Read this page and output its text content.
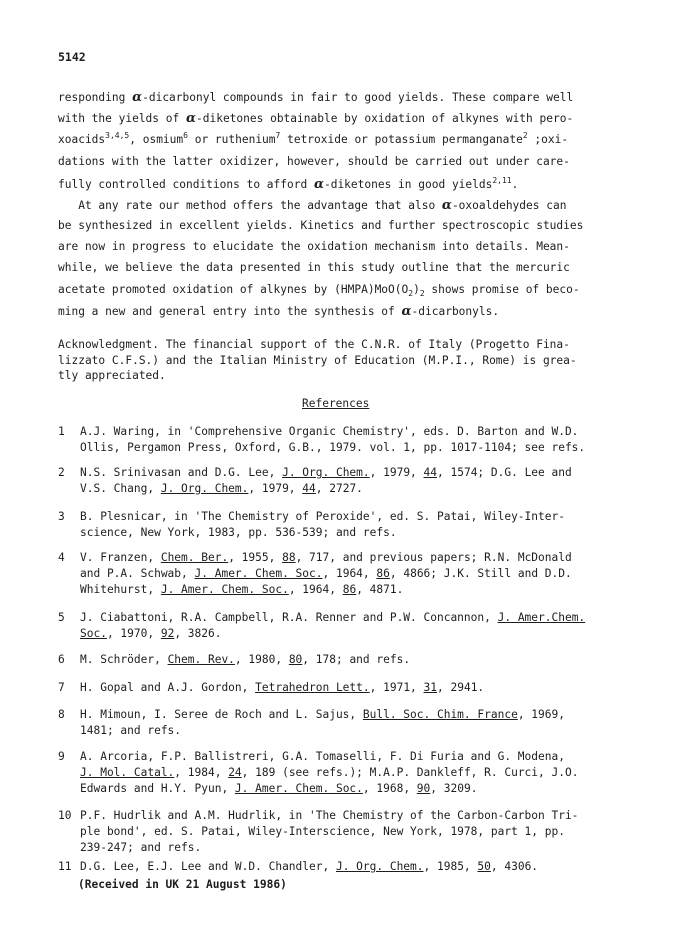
5142
responding α-dicarbonyl compounds in fair to good yields. These compare well
with the yields of α-diketones obtainable by oxidation of alkynes with pero-
xoacids$^{3,4,5}$, osmium$^6$ or ruthenium$^7$ tetroxide or potassium permanganate$^2$ ;oxi-
dations with the latter oxidizer, however, should be carried out under care-
fully controlled conditions to afford α-diketones in good yields$^{2,11}$.
At any rate our method offers the advantage that also α-oxoaldehydes can
be synthesized in excellent yields. Kinetics and further spectroscopic studies
are now in progress to elucidate the oxidation mechanism into details. Mean-
while, we believe the data presented in this study outline that the mercuric
acetate promoted oxidation of alkynes by $(HMPA)MoO(O_2)_2$ shows promise of beco-
ming a new and general entry into the synthesis of α-dicarbonyls.
Acknowledgment. The financial support of the C.N.R. of Italy (Progetto Fina-
lizzato C.F.S.) and the Italian Ministry of Education (M.P.I., Rome) is grea-
tly appreciated.
References
1 A.J. Waring, in 'Comprehensive Organic Chemistry', eds. D. Barton and W.D.
Ollis, Pergamon Press, Oxford, G.B., 1979. vol. 1, pp. 1017-1104; see refs.
2 N.S. Srinivasan and D.G. Lee, J. Org. Chem., 1979, 44, 1574; D.G. Lee and
V.S. Chang, J. Org. Chem., 1979, 44, 2727.
3 B. Plesnicar, in 'The Chemistry of Peroxide', ed. S. Patai, Wiley-Inter-
science, New York, 1983, pp. 536-539; and refs.
4 V. Franzen, Chem. Ber., 1955, 88, 717, and previous papers; R.N. McDonald
and P.A. Schwab, J. Amer. Chem. Soc., 1964, 86, 4866; J.K. Still and D.D.
Whitehurst, J. Amer. Chem. Soc., 1964, 86, 4871.
5 J. Ciabattoni, R.A. Campbell, R.A. Renner and P.W. Concannon, J. Amer.Chem.
Soc., 1970, 92, 3826.
6 M. Schröder, Chem. Rev., 1980, 80, 178; and refs.
7 H. Gopal and A.J. Gordon, Tetrahedron Lett., 1971, 31, 2941.
8 H. Mimoun, I. Seree de Roch and L. Sajus, Bull. Soc. Chim. France, 1969,
1481; and refs.
9 A. Arcoria, F.P. Ballistreri, G.A. Tomaselli, F. Di Furia and G. Modena,
J. Mol. Catal., 1984, 24, 189 (see refs.); M.A.P. Dankleff, R. Curci, J.O.
Edwards and H.Y. Pyun, J. Amer. Chem. Soc., 1968, 90, 3209.
10 P.F. Hudrlik and A.M. Hudrlik, in 'The Chemistry of the Carbon-Carbon Tri-
ple bond', ed. S. Patai, Wiley-Interscience, New York, 1978, part 1, pp.
239-247; and refs.
11 D.G. Lee, E.J. Lee and W.D. Chandler, J. Org. Chem., 1985, 50, 4306.
(Received in UK 21 August 1986)
